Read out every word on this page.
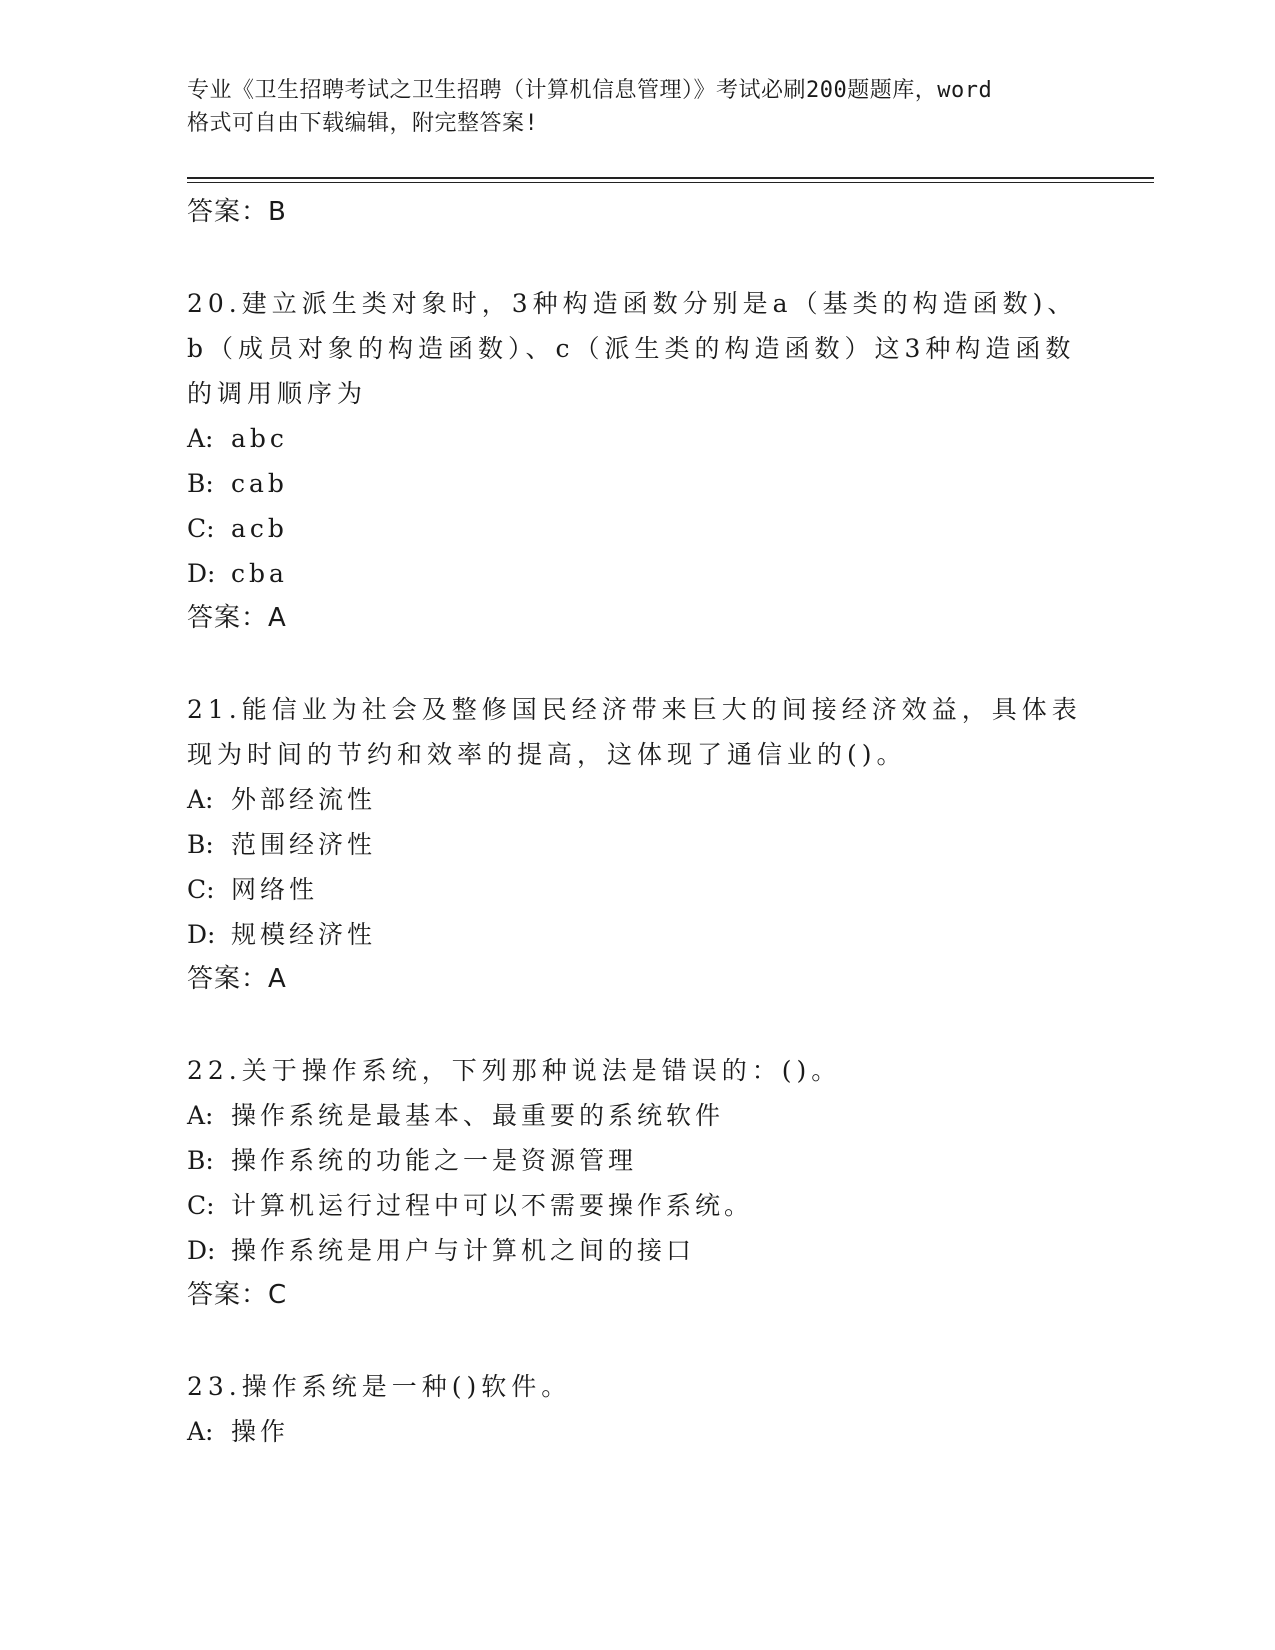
专业《卫生招聘考试之卫生招聘（计算机信息管理）》考试必刷200题题库，word
格式可自由下载编辑，附完整答案!
答案：B
20.建立派生类对象时，3种构造函数分别是a（基类的构造函数)、b（成员对象的构造函数）、c（派生类的构造函数）这3种构造函数的调用顺序为
A: abc
B: cab
C: acb
D: cba
答案：A
21.能信业为社会及整修国民经济带来巨大的间接经济效益，具体表现为时间的节约和效率的提高，这体现了通信业的()。
A: 外部经流性
B: 范围经济性
C: 网络性
D: 规模经济性
答案：A
22.关于操作系统，下列那种说法是错误的：()。
A: 操作系统是最基本、最重要的系统软件
B: 操作系统的功能之一是资源管理
C: 计算机运行过程中可以不需要操作系统。
D: 操作系统是用户与计算机之间的接口
答案：C
23.操作系统是一种()软件。
A: 操作
